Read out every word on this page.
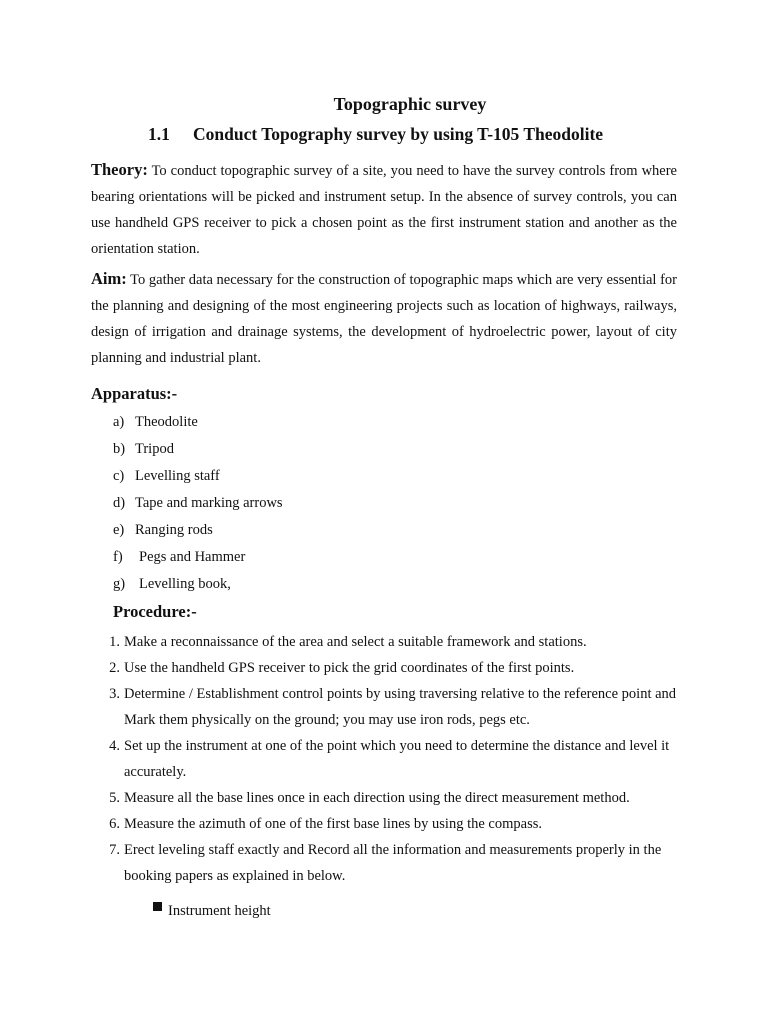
Topographic survey
1.1 Conduct Topography survey by using T-105 Theodolite
Theory: To conduct topographic survey of a site, you need to have the survey controls from where bearing orientations will be picked and instrument setup. In the absence of survey controls, you can use handheld GPS receiver to pick a chosen point as the first instrument station and another as the orientation station.
Aim: To gather data necessary for the construction of topographic maps which are very essential for the planning and designing of the most engineering projects such as location of highways, railways, design of irrigation and drainage systems, the development of hydroelectric power, layout of city planning and industrial plant.
Apparatus:-
a) Theodolite
b) Tripod
c) Levelling staff
d) Tape and marking arrows
e) Ranging rods
f) Pegs and Hammer
g) Levelling book,
Procedure:-
1. Make a reconnaissance of the area and select a suitable framework and stations.
2. Use the handheld GPS receiver to pick the grid coordinates of the first points.
3. Determine / Establishment control points by using traversing relative to the reference point and Mark them physically on the ground; you may use iron rods, pegs etc.
4. Set up the instrument at one of the point which you need to determine the distance and level it accurately.
5. Measure all the base lines once in each direction using the direct measurement method.
6. Measure the azimuth of one of the first base lines by using the compass.
7. Erect leveling staff exactly and Record all the information and measurements properly in the booking papers as explained in below.
Instrument height
